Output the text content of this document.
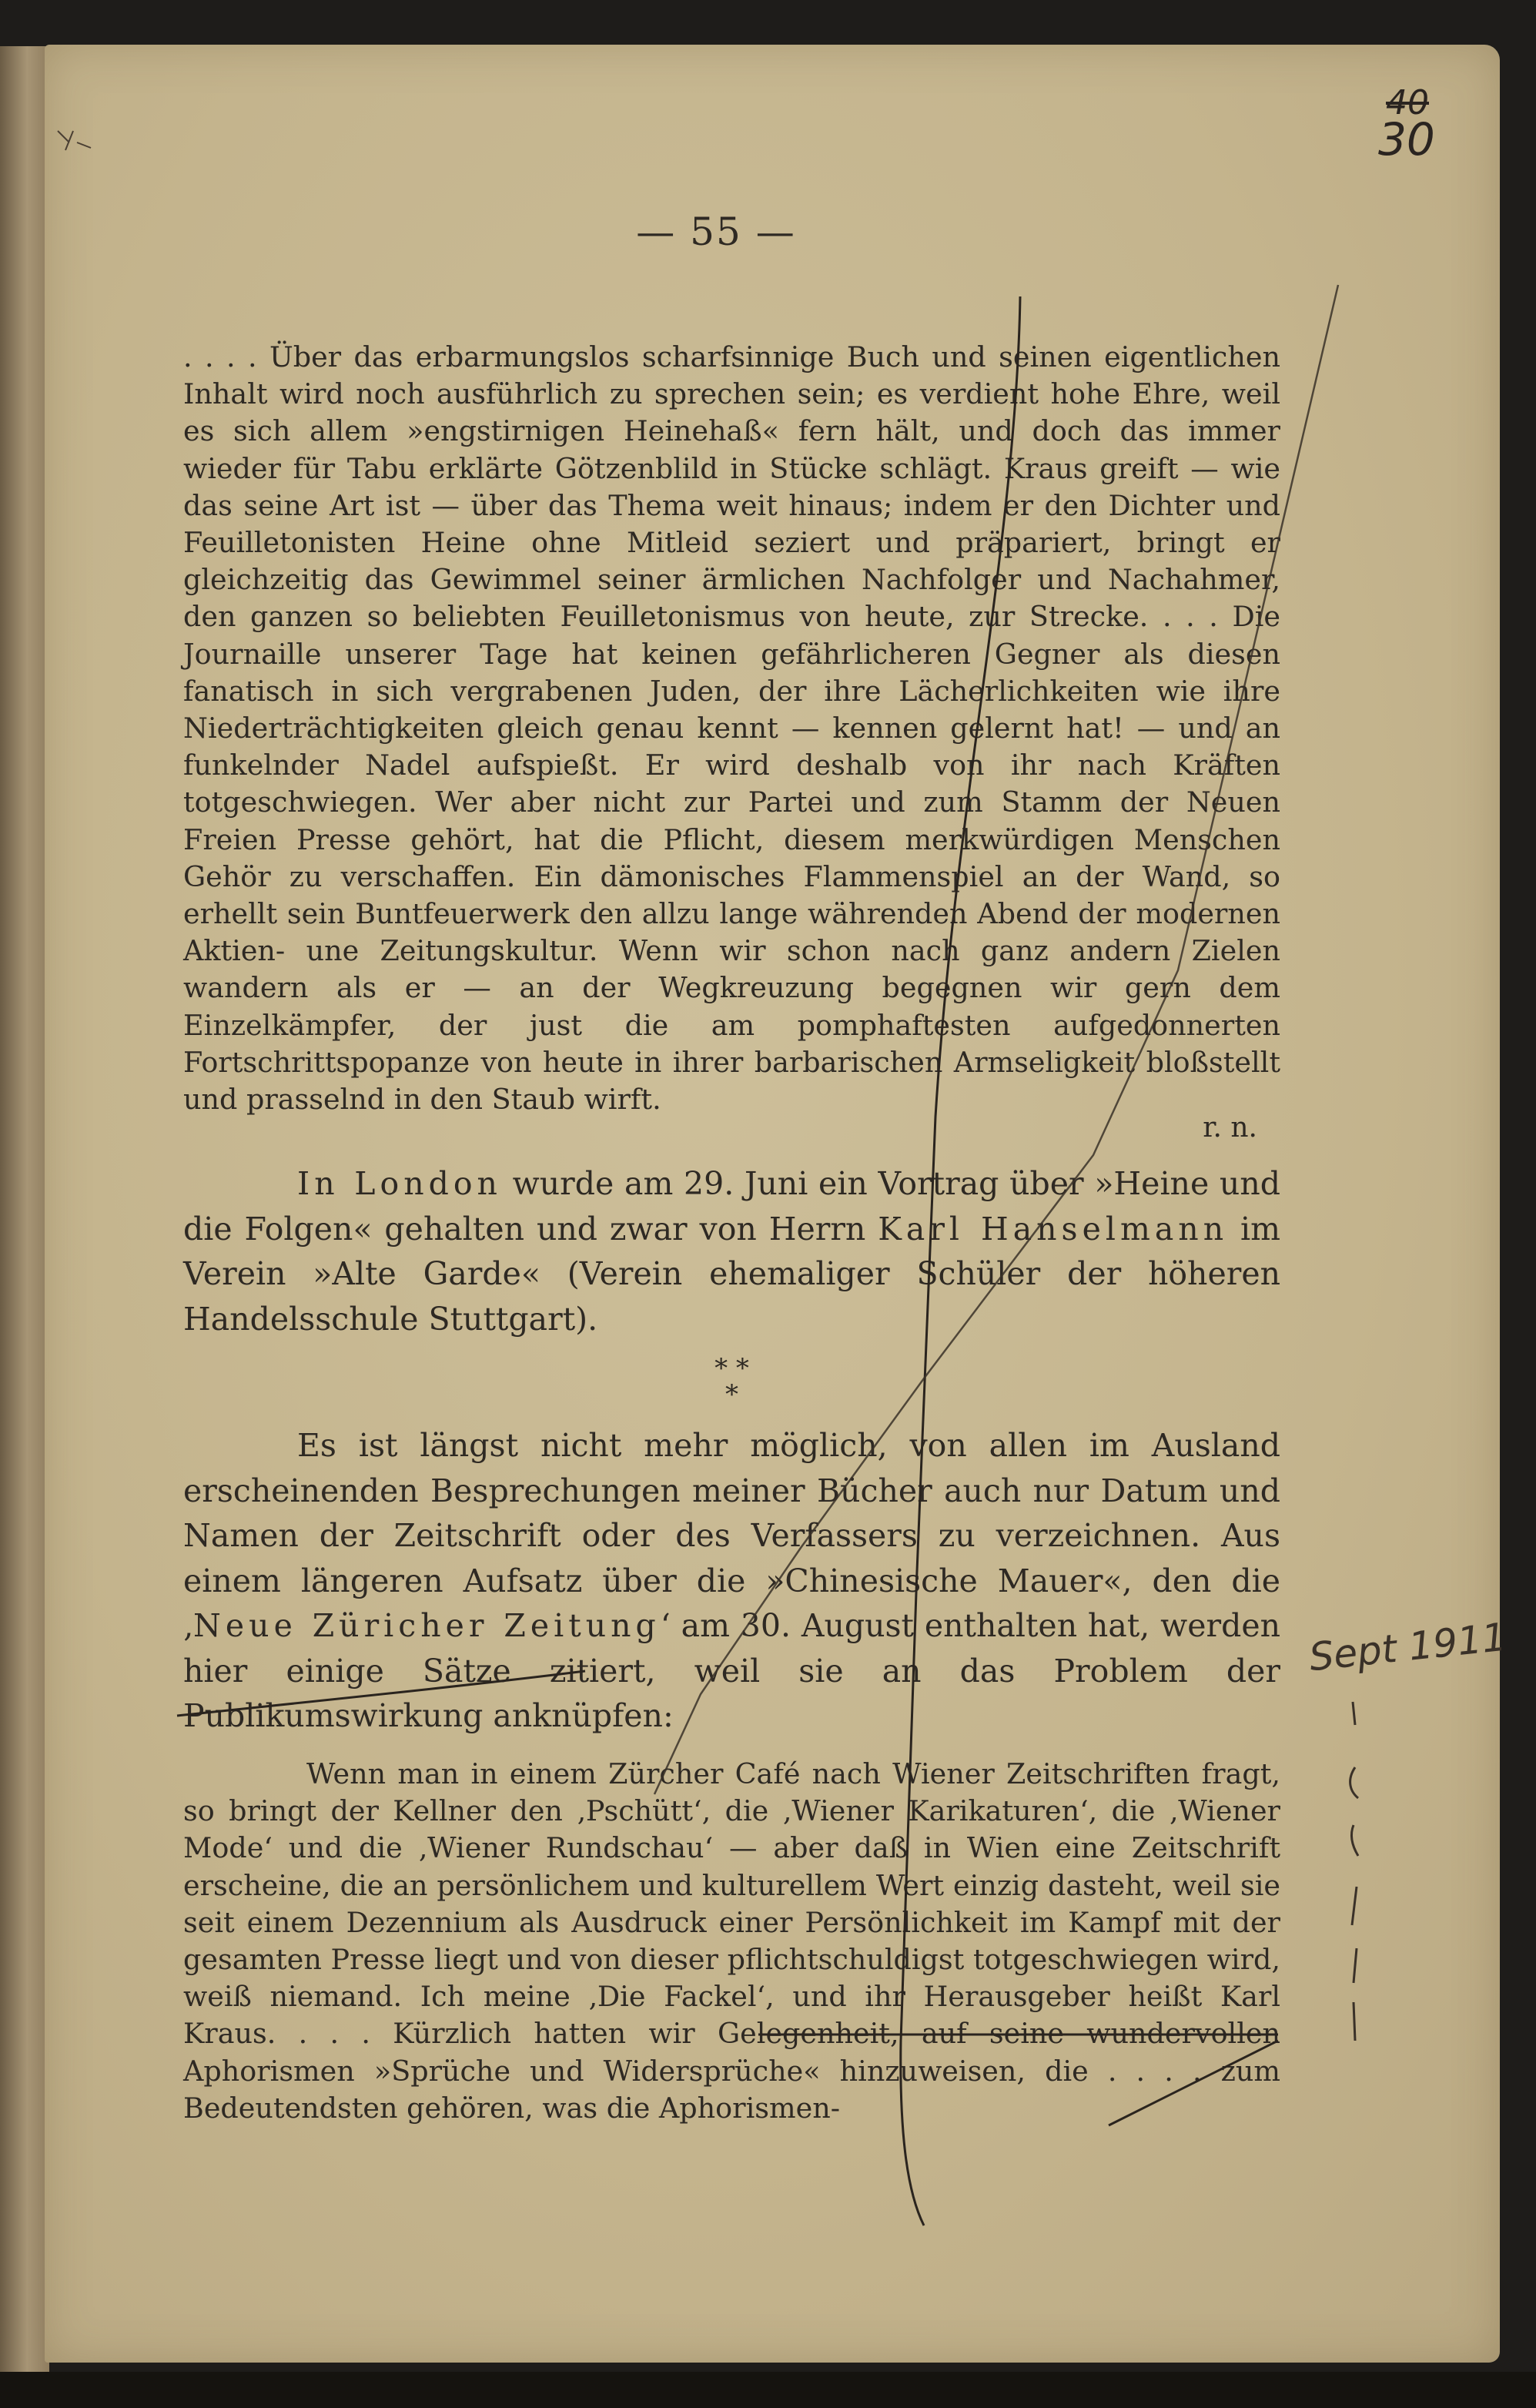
40
30
— 55 —
. . . . Über das erbarmungslos scharfsinnige Buch und seinen eigentlichen Inhalt wird noch ausführlich zu sprechen sein; es verdient hohe Ehre, weil es sich allem »engstirnigen Heinehaß« fern hält, und doch das immer wieder für Tabu erklärte Götzenblild in Stücke schlägt. Kraus greift — wie das seine Art ist — über das Thema weit hinaus; indem er den Dichter und Feuilletonisten Heine ohne Mitleid seziert und präpariert, bringt er gleichzeitig das Gewimmel seiner ärmlichen Nachfolger und Nachahmer, den ganzen so beliebten Feuilletonismus von heute, zur Strecke. . . . Die Journaille unserer Tage hat keinen gefährlicheren Gegner als diesen fanatisch in sich vergrabenen Juden, der ihre Lächerlichkeiten wie ihre Niederträchtigkeiten gleich genau kennt — kennen gelernt hat! — und an funkelnder Nadel aufspießt. Er wird deshalb von ihr nach Kräften totgeschwiegen. Wer aber nicht zur Partei und zum Stamm der Neuen Freien Presse gehört, hat die Pflicht, diesem merkwürdigen Menschen Gehör zu verschaffen. Ein dämonisches Flammenspiel an der Wand, so erhellt sein Buntfeuerwerk den allzu lange währenden Abend der modernen Aktien- une Zeitungskultur. Wenn wir schon nach ganz andern Zielen wandern als er — an der Wegkreuzung begegnen wir gern dem Einzelkämpfer, der just die am pomphaftesten aufgedonnerten Fortschrittspopanze von heute in ihrer barbarischen Armseligkeit bloßstellt und prasselnd in den Staub wirft.
r. n.
In London wurde am 29. Juni ein Vortrag über »Heine und die Folgen« gehalten und zwar von Herrn Karl Hanselmann im Verein »Alte Garde« (Verein ehemaliger Schüler der höheren Handelsschule Stuttgart).
* *
*
Es ist längst nicht mehr möglich, von allen im Ausland erscheinenden Besprechungen meiner Bücher auch nur Datum und Namen der Zeitschrift oder des Verfassers zu verzeichnen. Aus einem längeren Aufsatz über die »Chinesische Mauer«, den die ‚Neue Züricher Zeitung‘ am 30. August enthalten hat, werden hier einige Sätze zitiert, weil sie an das Problem der Publikumswirkung anknüpfen:
Wenn man in einem Zürcher Café nach Wiener Zeitschriften fragt, so bringt der Kellner den ‚Pschütt‘, die ‚Wiener Karikaturen‘, die ‚Wiener Mode‘ und die ‚Wiener Rundschau‘ — aber daß in Wien eine Zeitschrift erscheine, die an persönlichem und kulturellem Wert einzig dasteht, weil sie seit einem Dezennium als Ausdruck einer Persönlichkeit im Kampf mit der gesamten Presse liegt und von dieser pflichtschuldigst totgeschwiegen wird, weiß niemand. Ich meine ‚Die Fackel‘, und ihr Herausgeber heißt Karl Kraus. . . . Kürzlich hatten wir Gelegenheit, auf seine wundervollen Aphorismen »Sprüche und Widersprüche« hinzuweisen, die . . . . zum Bedeutendsten gehören, was die Aphorismen-
Sept 1911
